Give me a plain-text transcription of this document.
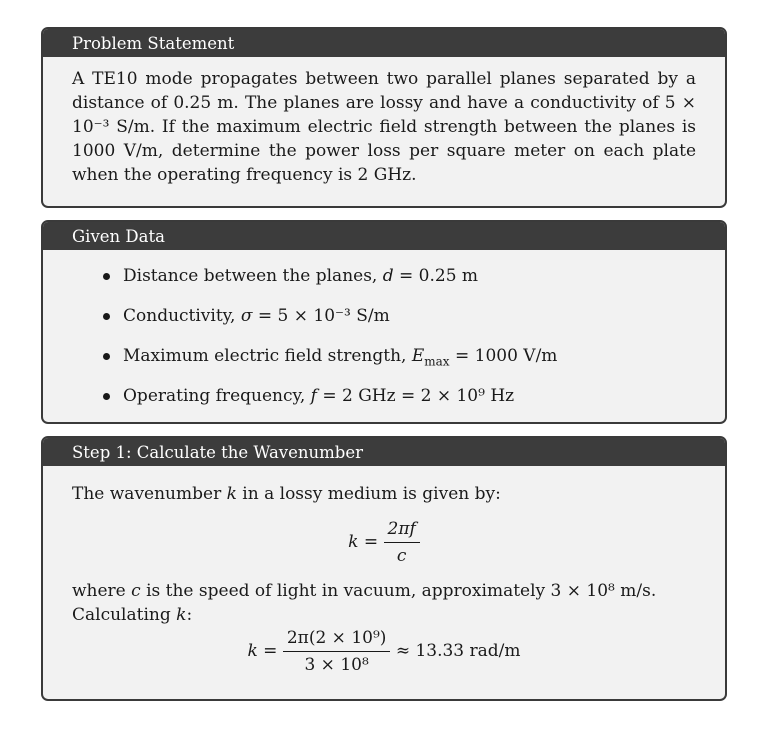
Problem Statement
A TE10 mode propagates between two parallel planes separated by a distance of 0.25 m. The planes are lossy and have a conductivity of 5 × 10⁻³ S/m. If the maximum electric field strength between the planes is 1000 V/m, determine the power loss per square meter on each plate when the operating frequency is 2 GHz.
Given Data
Distance between the planes, d = 0.25 m
Conductivity, σ = 5 × 10⁻³ S/m
Maximum electric field strength, $E_{max} = 1000$ V/m
Operating frequency, f = 2 GHz = 2 × 10⁹ Hz
Step 1: Calculate the Wavenumber
The wavenumber k in a lossy medium is given by:
$k = \frac{2\pi f}{c}$
where c is the speed of light in vacuum, approximately 3 × 10⁸ m/s.
Calculating k:
$k = \frac{\text{2π(2 × 10⁹)}}{\text{3 × 10⁸}} \approx 13.33$ rad/m
